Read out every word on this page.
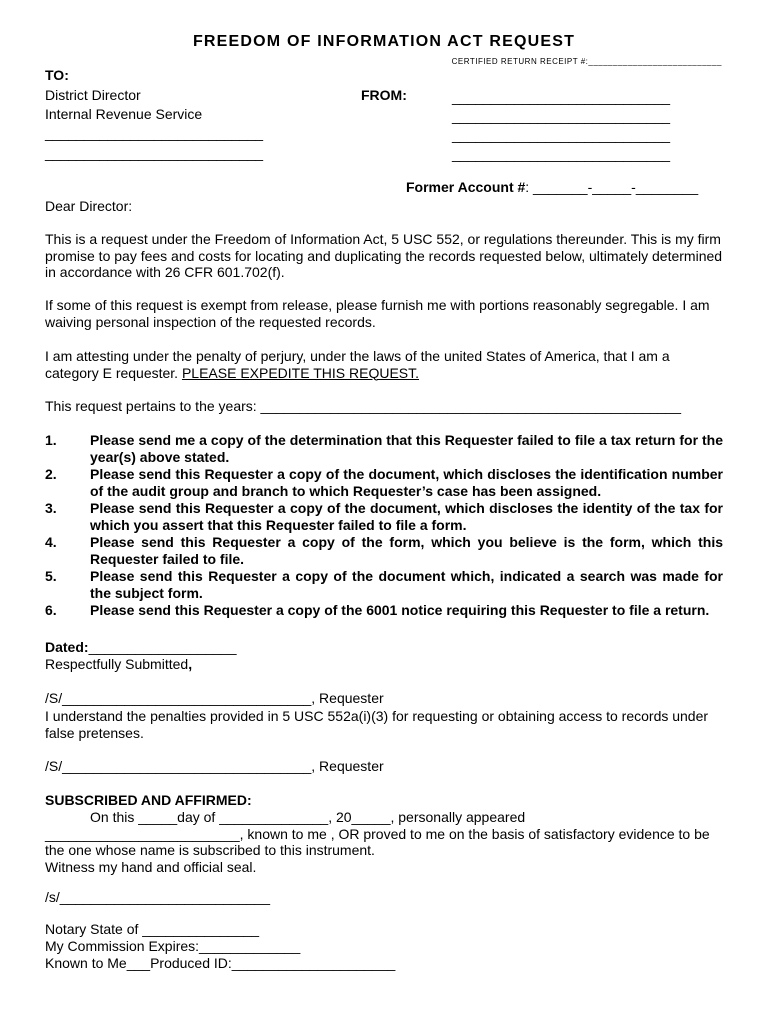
FREEDOM OF INFORMATION ACT REQUEST
CERTIFIED RETURN RECEIPT #:___________________________
TO:
District Director
Internal Revenue Service
____________________________
____________________________
FROM:	____________________________
____________________________
____________________________
____________________________
Former Account #: _______-_____-________
Dear Director:
This is a request under the Freedom of Information Act, 5 USC 552, or regulations thereunder. This is my firm promise to pay fees and costs for locating and duplicating the records requested below, ultimately determined in accordance with 26 CFR 601.702(f).
If some of this request is exempt from release, please furnish me with portions reasonably segregable. I am waiving personal inspection of the requested records.
I am attesting under the penalty of perjury, under the laws of the united States of America, that I am a category E requester. PLEASE EXPEDITE THIS REQUEST.
This request pertains to the years: ______________________________________________________
1. Please send me a copy of the determination that this Requester failed to file a tax return for the year(s) above stated.
2. Please send this Requester a copy of the document, which discloses the identification number of the audit group and branch to which Requester’s case has been assigned.
3. Please send this Requester a copy of the document, which discloses the identity of the tax for which you assert that this Requester failed to file a form.
4. Please send this Requester a copy of the form, which you believe is the form, which this Requester failed to file.
5. Please send this Requester a copy of the document which, indicated a search was made for the subject form.
6. Please send this Requester a copy of the 6001 notice requiring this Requester to file a return.
Dated:___________________
Respectfully Submitted,
/S/________________________________, Requester
I understand the penalties provided in 5 USC 552a(i)(3) for requesting or obtaining access to records under false pretenses.
/S/________________________________, Requester
SUBSCRIBED AND AFFIRMED:
On this _____day of ______________, 20_____, personally appeared _________________________, known to me , OR proved to me on the basis of satisfactory evidence to be the one whose name is subscribed to this instrument.
Witness my hand and official seal.
/s/___________________________
Notary State of _______________
My Commission Expires:_____________
Known to Me___Produced ID:_____________________
